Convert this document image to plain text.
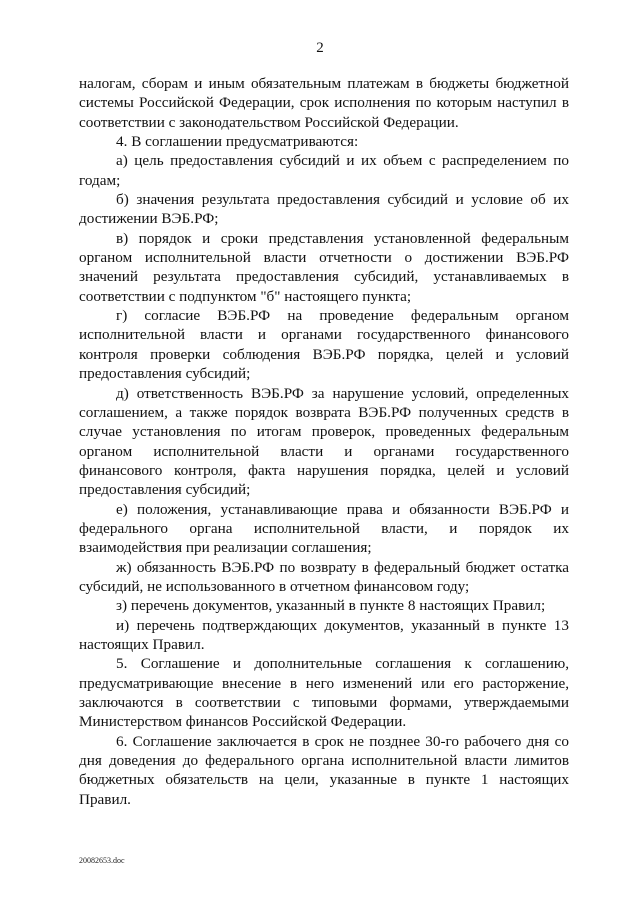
2

налогам, сборам и иным обязательным платежам в бюджеты бюджетной системы Российской Федерации, срок исполнения по которым наступил в соответствии с законодательством Российской Федерации.

4. В соглашении предусматриваются:

а) цель предоставления субсидий и их объем с распределением по годам;

б) значения результата предоставления субсидий и условие об их достижении ВЭБ.РФ;

в) порядок и сроки представления установленной федеральным органом исполнительной власти отчетности о достижении ВЭБ.РФ значений результата предоставления субсидий, устанавливаемых в соответствии с подпунктом "б" настоящего пункта;

г) согласие ВЭБ.РФ на проведение федеральным органом исполнительной власти и органами государственного финансового контроля проверки соблюдения ВЭБ.РФ порядка, целей и условий предоставления субсидий;

д) ответственность ВЭБ.РФ за нарушение условий, определенных соглашением, а также порядок возврата ВЭБ.РФ полученных средств в случае установления по итогам проверок, проведенных федеральным органом исполнительной власти и органами государственного финансового контроля, факта нарушения порядка, целей и условий предоставления субсидий;

е) положения, устанавливающие права и обязанности ВЭБ.РФ и федерального органа исполнительной власти, и порядок их взаимодействия при реализации соглашения;

ж) обязанность ВЭБ.РФ по возврату в федеральный бюджет остатка субсидий, не использованного в отчетном финансовом году;

з) перечень документов, указанный в пункте 8 настоящих Правил;

и) перечень подтверждающих документов, указанный в пункте 13 настоящих Правил.

5. Соглашение и дополнительные соглашения к соглашению, предусматривающие внесение в него изменений или его расторжение, заключаются в соответствии с типовыми формами, утверждаемыми Министерством финансов Российской Федерации.

6. Соглашение заключается в срок не позднее 30-го рабочего дня со дня доведения до федерального органа исполнительной власти лимитов бюджетных обязательств на цели, указанные в пункте 1 настоящих Правил.

20082653.doc
